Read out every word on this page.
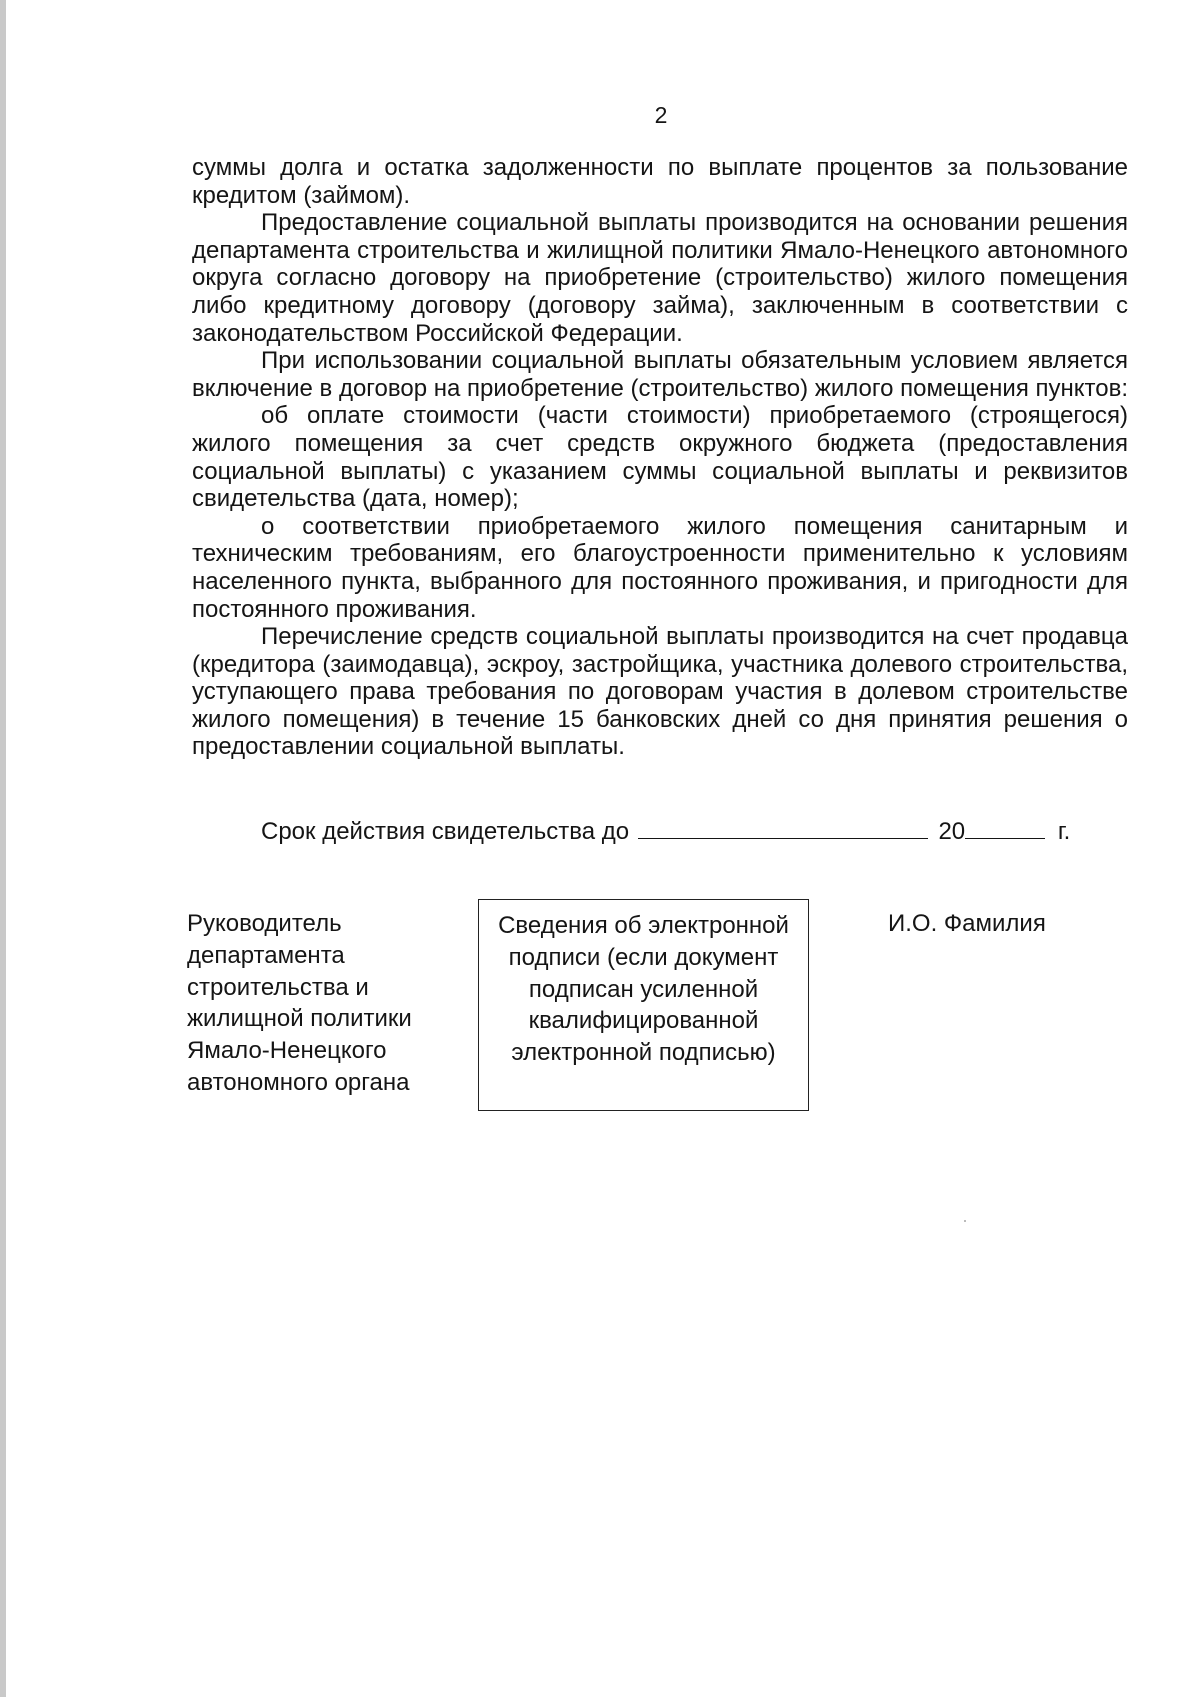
2

суммы долга и остатка задолженности по выплате процентов за пользование кредитом (займом).

Предоставление социальной выплаты производится на основании решения департамента строительства и жилищной политики Ямало-Ненецкого автономного округа согласно договору на приобретение (строительство) жилого помещения либо кредитному договору (договору займа), заключенным в соответствии с законодательством Российской Федерации.

При использовании социальной выплаты обязательным условием является включение в договор на приобретение (строительство) жилого помещения пунктов:

об оплате стоимости (части стоимости) приобретаемого (строящегося) жилого помещения за счет средств окружного бюджета (предоставления социальной выплаты) с указанием суммы социальной выплаты и реквизитов свидетельства (дата, номер);

о соответствии приобретаемого жилого помещения санитарным и техническим требованиям, его благоустроенности применительно к условиям населенного пункта, выбранного для постоянного проживания, и пригодности для постоянного проживания.

Перечисление средств социальной выплаты производится на счет продавца (кредитора (заимодавца), эскроу, застройщика, участника долевого строительства, уступающего права требования по договорам участия в долевом строительстве жилого помещения) в течение 15 банковских дней со дня принятия решения о предоставлении социальной выплаты.

Срок действия свидетельства до	20	г.
Руководитель
департамента
строительства и
жилищной политики
Ямало-Ненецкого
автономного органа
Сведения об электронной
подписи (если документ
подписан усиленной
квалифицированной
электронной подписью)
И.О. Фамилия
